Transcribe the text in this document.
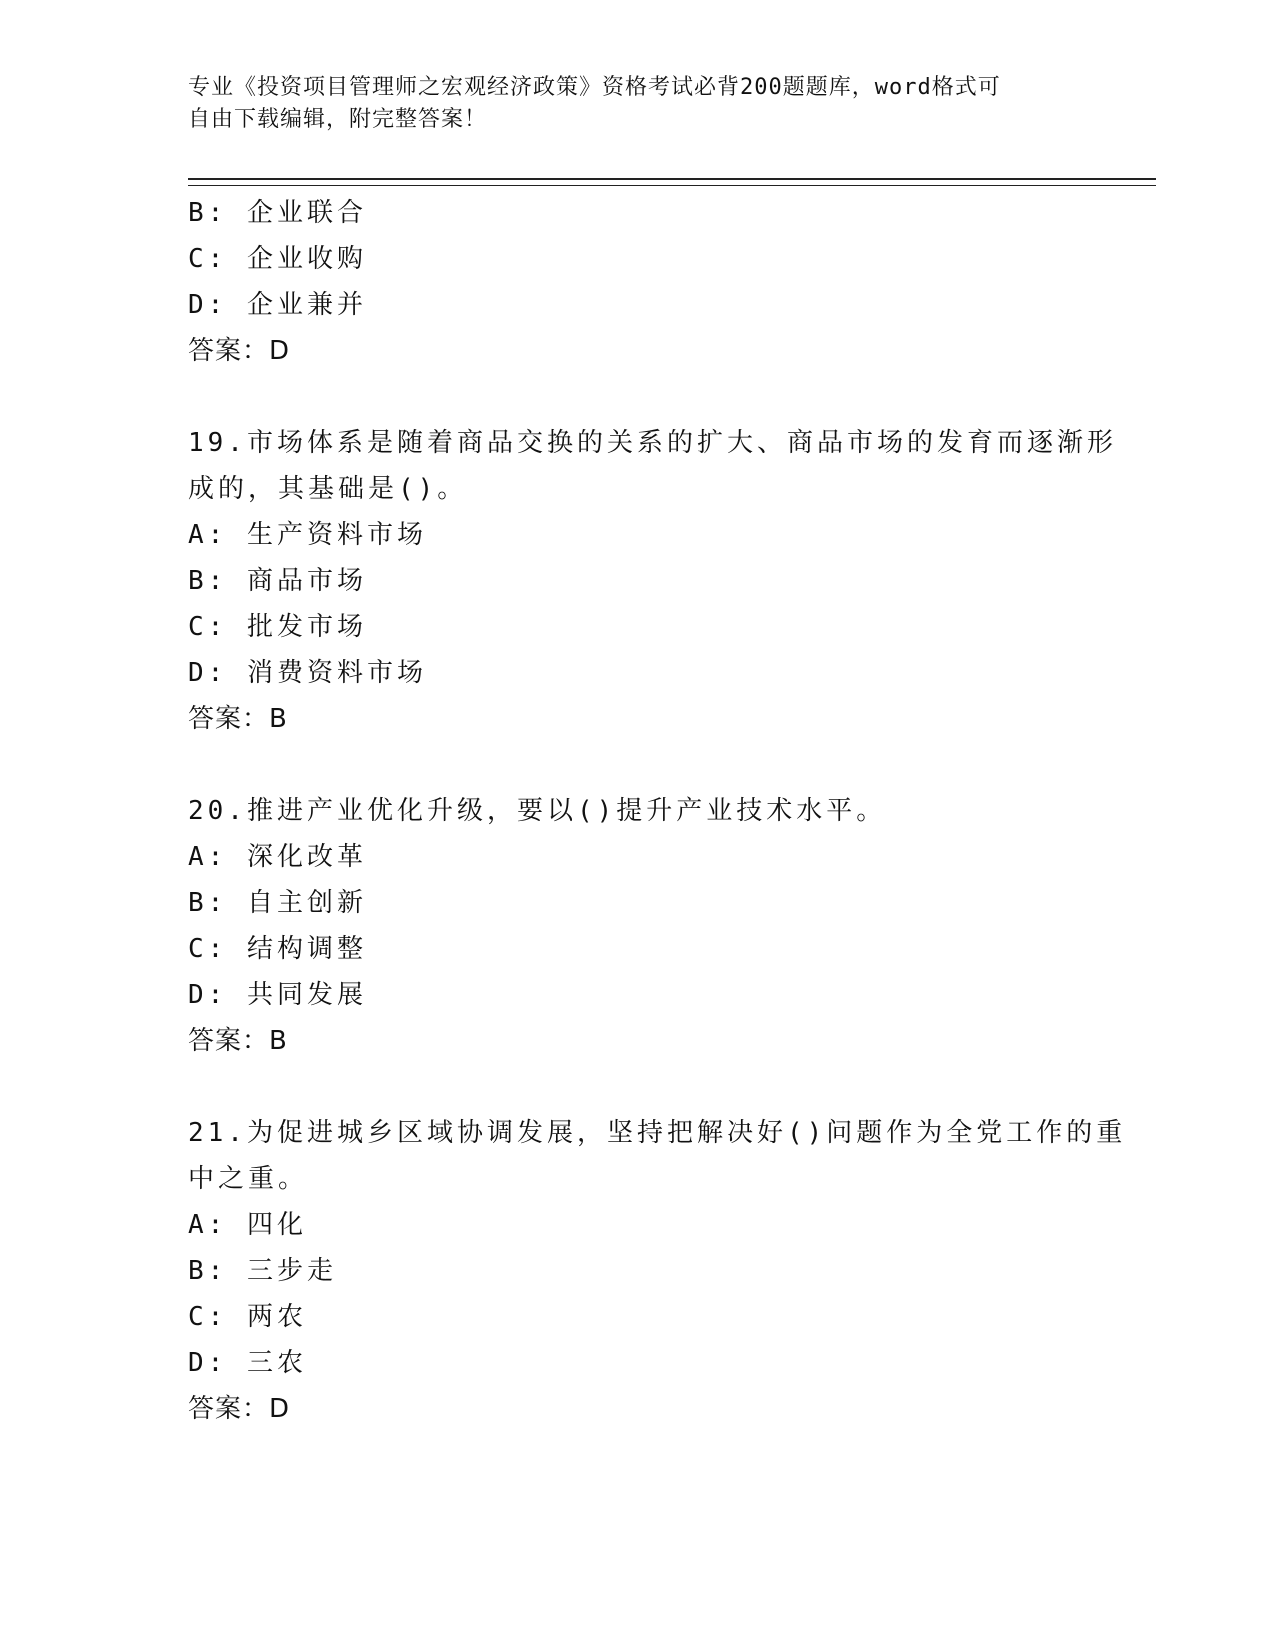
专业《投资项目管理师之宏观经济政策》资格考试必背200题题库，word格式可
自由下载编辑，附完整答案！
B: 企业联合
C: 企业收购
D: 企业兼并
答案：D
19.市场体系是随着商品交换的关系的扩大、商品市场的发育而逐渐形
成的，其基础是()。
A: 生产资料市场
B: 商品市场
C: 批发市场
D: 消费资料市场
答案：B
20.推进产业优化升级，要以()提升产业技术水平。
A: 深化改革
B: 自主创新
C: 结构调整
D: 共同发展
答案：B
21.为促进城乡区域协调发展，坚持把解决好()问题作为全党工作的重
中之重。
A: 四化
B: 三步走
C: 两农
D: 三农
答案：D
